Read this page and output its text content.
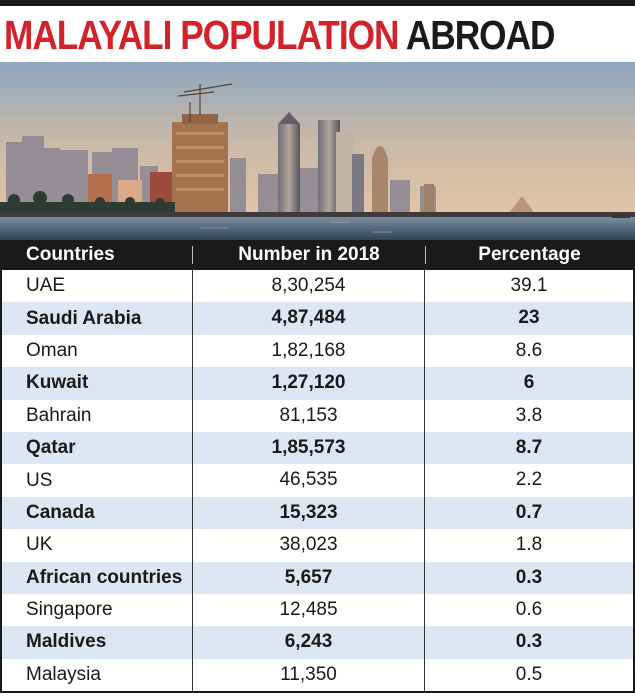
MALAYALI POPULATION ABROAD
Countries	Number in 2018	Percentage
UAE	8,30,254	39.1
Saudi Arabia	4,87,484	23
Oman	1,82,168	8.6
Kuwait	1,27,120	6
Bahrain	81,153	3.8
Qatar	1,85,573	8.7
US	46,535	2.2
Canada	15,323	0.7
UK	38,023	1.8
African countries	5,657	0.3
Singapore	12,485	0.6
Maldives	6,243	0.3
Malaysia	11,350	0.5
